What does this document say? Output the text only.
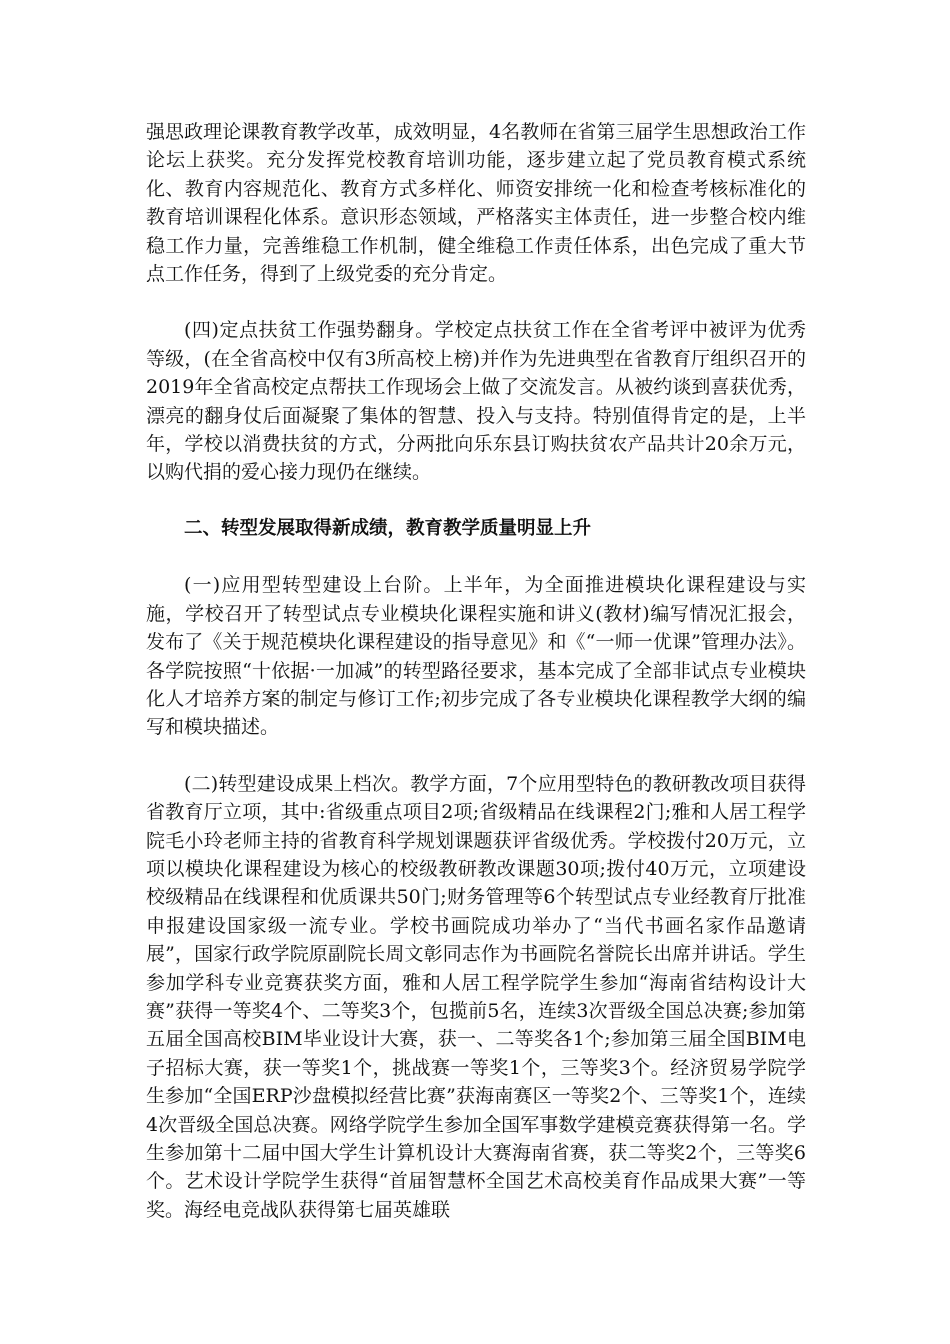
强思政理论课教育教学改革，成效明显，4名教师在省第三届学生思想政治工作论坛上获奖。充分发挥党校教育培训功能，逐步建立起了党员教育模式系统化、教育内容规范化、教育方式多样化、师资安排统一化和检查考核标准化的教育培训课程化体系。意识形态领域，严格落实主体责任，进一步整合校内维稳工作力量，完善维稳工作机制，健全维稳工作责任体系，出色完成了重大节点工作任务，得到了上级党委的充分肯定。

(四)定点扶贫工作强势翻身。学校定点扶贫工作在全省考评中被评为优秀等级，(在全省高校中仅有3所高校上榜)并作为先进典型在省教育厅组织召开的2019年全省高校定点帮扶工作现场会上做了交流发言。从被约谈到喜获优秀，漂亮的翻身仗后面凝聚了集体的智慧、投入与支持。特别值得肯定的是，上半年，学校以消费扶贫的方式，分两批向乐东县订购扶贫农产品共计20余万元，以购代捐的爱心接力现仍在继续。

二、转型发展取得新成绩，教育教学质量明显上升

(一)应用型转型建设上台阶。上半年，为全面推进模块化课程建设与实施，学校召开了转型试点专业模块化课程实施和讲义(教材)编写情况汇报会，发布了《关于规范模块化课程建设的指导意见》和《“一师一优课”管理办法》。各学院按照“十依据·一加减”的转型路径要求，基本完成了全部非试点专业模块化人才培养方案的制定与修订工作;初步完成了各专业模块化课程教学大纲的编写和模块描述。

(二)转型建设成果上档次。教学方面，7个应用型特色的教研教改项目获得省教育厅立项，其中:省级重点项目2项;省级精品在线课程2门;雅和人居工程学院毛小玲老师主持的省教育科学规划课题获评省级优秀。学校拨付20万元，立项以模块化课程建设为核心的校级教研教改课题30项;拨付40万元，立项建设校级精品在线课程和优质课共50门;财务管理等6个转型试点专业经教育厅批准申报建设国家级一流专业。学校书画院成功举办了“当代书画名家作品邀请展”，国家行政学院原副院长周文彰同志作为书画院名誉院长出席并讲话。学生参加学科专业竞赛获奖方面，雅和人居工程学院学生参加“海南省结构设计大赛”获得一等奖4个、二等奖3个，包揽前5名，连续3次晋级全国总决赛;参加第五届全国高校BIM毕业设计大赛，获一、二等奖各1个;参加第三届全国BIM电子招标大赛，获一等奖1个，挑战赛一等奖1个，三等奖3个。经济贸易学院学生参加“全国ERP沙盘模拟经营比赛”获海南赛区一等奖2个、三等奖1个，连续4次晋级全国总决赛。网络学院学生参加全国军事数学建模竞赛获得第一名。学生参加第十二届中国大学生计算机设计大赛海南省赛，获二等奖2个，三等奖6个。艺术设计学院学生获得“首届智慧杯全国艺术高校美育作品成果大赛”一等奖。海经电竞战队获得第七届英雄联
